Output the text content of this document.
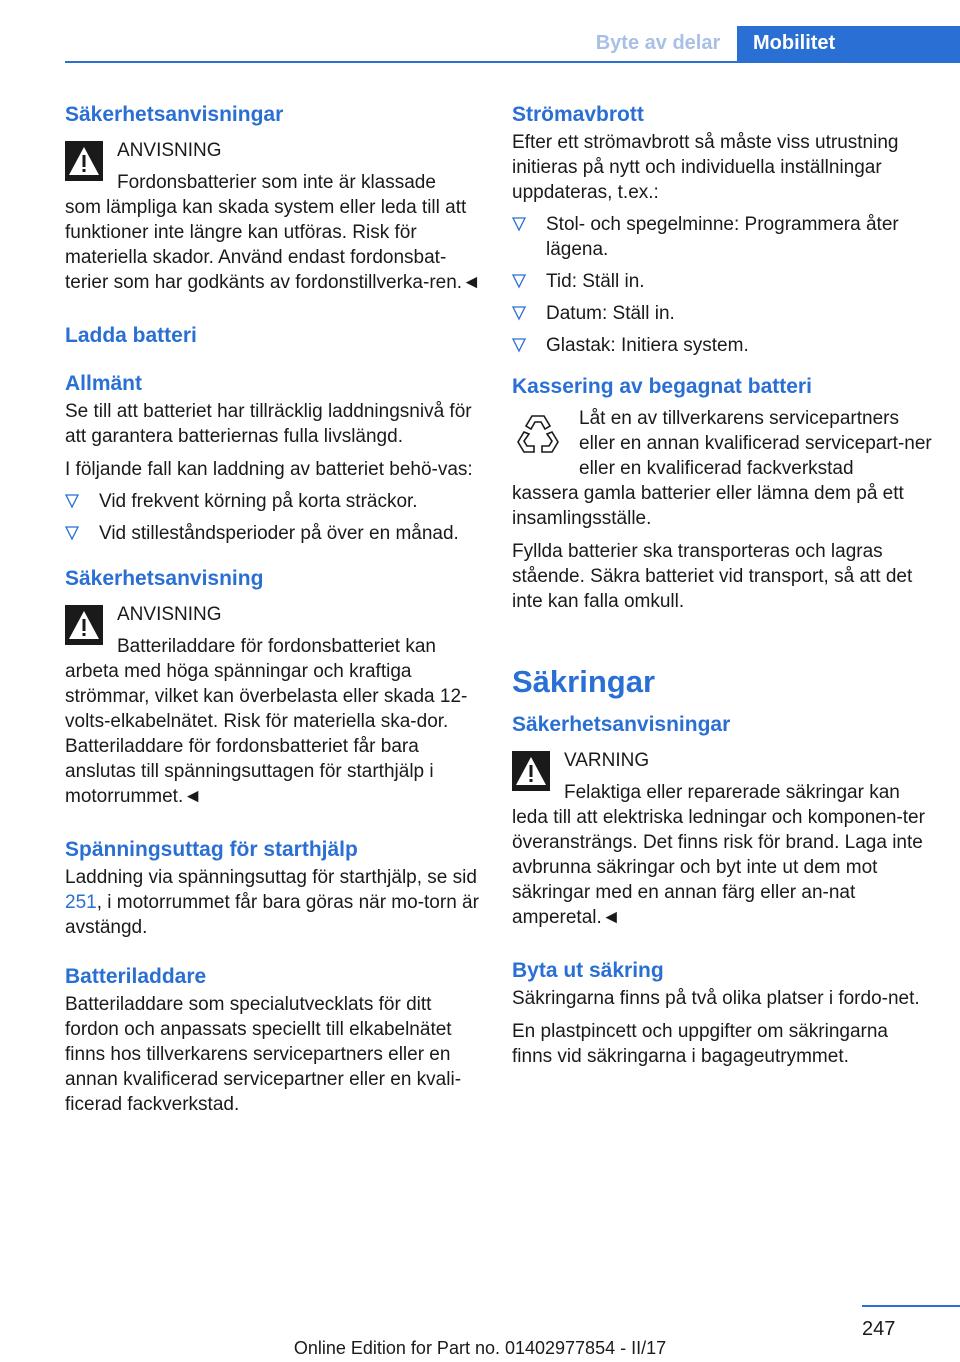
Byte av delar	Mobilitet
Säkerhetsanvisningar

ANVISNING

Fordonsbatterier som inte är klassade

som lämpliga kan skada system eller leda till att funktioner inte längre kan utföras. Risk för materiella skador. Använd endast fordonsbat-terier som har godkänts av fordonstillverka-ren.◄

Ladda batteri
Allmänt

Se till att batteriet har tillräcklig laddningsnivå för att garantera batteriernas fulla livslängd.

I följande fall kan laddning av batteriet behö-vas:

Vid frekvent körning på korta sträckor.
Vid stilleståndsperioder på över en månad.
Säkerhetsanvisning

ANVISNING

Batteriladdare för fordonsbatteriet kan

arbeta med höga spänningar och kraftiga strömmar, vilket kan överbelasta eller skada 12-volts-elkabelnätet. Risk för materiella ska-dor. Batteriladdare för fordonsbatteriet får bara anslutas till spänningsuttagen för starthjälp i motorrummet.◄

Spänningsuttag för starthjälp

Laddning via spänningsuttag för starthjälp, se sid 251, i motorrummet får bara göras när mo-torn är avstängd.

Batteriladdare

Batteriladdare som specialutvecklats för ditt fordon och anpassats speciellt till elkabelnätet finns hos tillverkarens servicepartners eller en annan kvalificerad servicepartner eller en kvali-ficerad fackverkstad.

Strömavbrott

Efter ett strömavbrott så måste viss utrustning initieras på nytt och individuella inställningar uppdateras, t.ex.:

Stol- och spegelminne: Programmera åter lägena.
Tid: Ställ in.
Datum: Ställ in.
Glastak: Initiera system.
Kassering av begagnat batteri

Låt en av tillverkarens servicepartners eller en annan kvalificerad servicepart-ner eller en kvalificerad fackverkstad

kassera gamla batterier eller lämna dem på ett insamlingsställe.

Fyllda batterier ska transporteras och lagras stående. Säkra batteriet vid transport, så att det inte kan falla omkull.

Säkringar
Säkerhetsanvisningar

VARNING

Felaktiga eller reparerade säkringar kan

leda till att elektriska ledningar och komponen-ter överansträngs. Det finns risk för brand. Laga inte avbrunna säkringar och byt inte ut dem mot säkringar med en annan färg eller an-nat amperetal.◄

Byta ut säkring

Säkringarna finns på två olika platser i fordo-net.

En plastpincett och uppgifter om säkringarna finns vid säkringarna i bagageutrymmet.

247
Online Edition for Part no. 01402977854 - II/17
